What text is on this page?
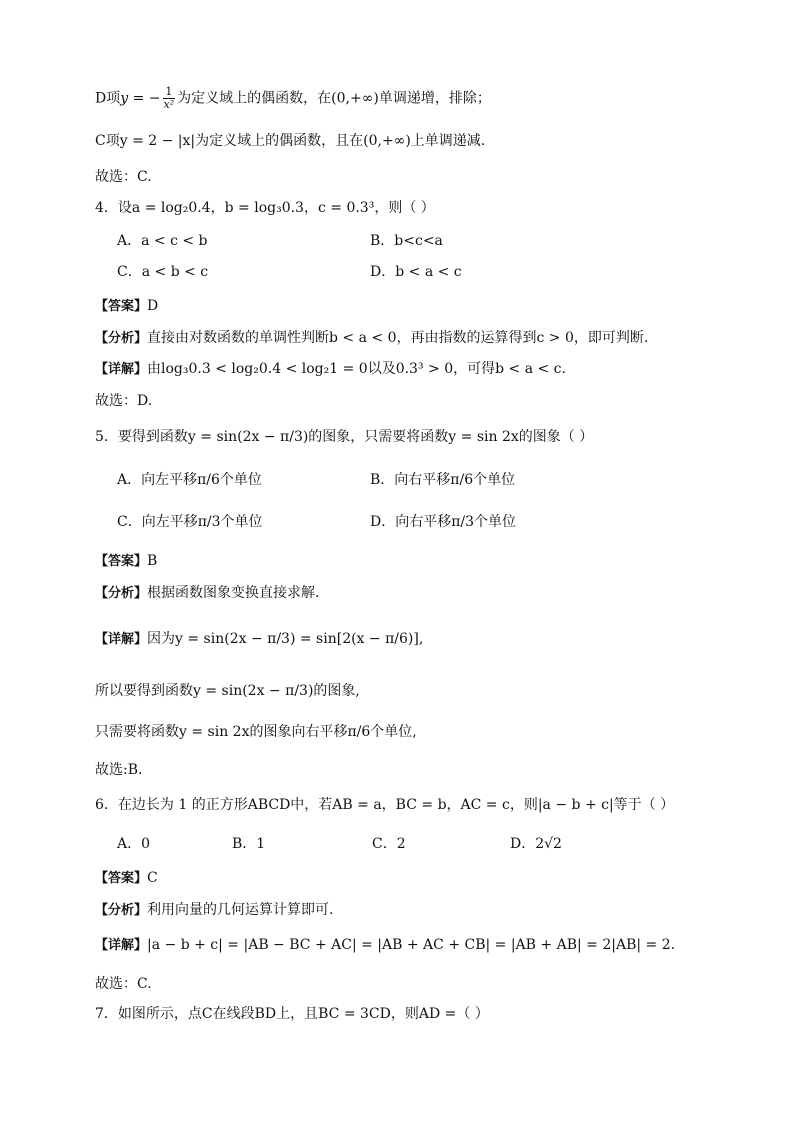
D项y = − $\frac{1}{\text{x²}}$ 为定义域上的偶函数，在(0,+∞)单调递增，排除；
C项y = 2 − |x|为定义域上的偶函数，且在(0,+∞)上单调递减.
故选：C.
4．设a = log₂0.4，b = log₃0.3，c = 0.3³，则（ ）
A．a < c < b	B．b<c<a
C．a < b < c	D．b < a < c
【答案】D
【分析】直接由对数函数的单调性判断b < a < 0，再由指数的运算得到c > 0，即可判断.
【详解】由log₃0.3 < log₂0.4 < log₂1 = 0以及0.3³ > 0，可得b < a < c.
故选：D.
5．要得到函数y = sin(2x − π/3)的图象，只需要将函数y = sin 2x的图象（ ）
A．向左平移π/6个单位	B．向右平移π/6个单位
C．向左平移π/3个单位	D．向右平移π/3个单位
【答案】B
【分析】根据函数图象变换直接求解.
【详解】因为y = sin(2x − π/3) = sin[2(x − π/6)],
所以要得到函数y = sin(2x − π/3)的图象,
只需要将函数y = sin 2x的图象向右平移π/6个单位,
故选:B.
6．在边长为 1 的正方形ABCD中，若AB = a，BC = b，AC = c，则|a − b + c|等于（ ）
A．0	B．1	C．2	D．2√2
【答案】C
【分析】利用向量的几何运算计算即可.
【详解】|a − b + c| = |AB − BC + AC| = |AB + AC + CB| = |AB + AB| = 2|AB| = 2.
故选：C.
7．如图所示，点C在线段BD上，且BC = 3CD，则AD =（ ）
